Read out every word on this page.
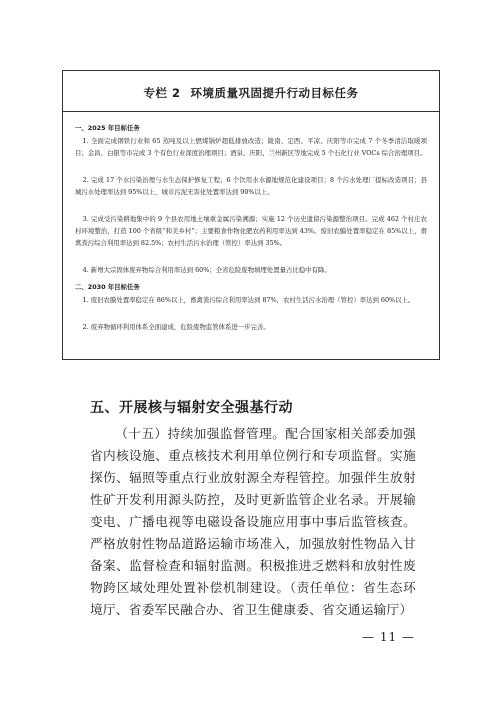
专栏 2 环境质量巩固提升行动目标任务
一、2025 年目标任务
1. 全面完成钢铁行业和 65 蒸吨及以上燃煤锅炉超低排放改造；陇南、定西、平凉、庆阳等市完成 7 个冬季清洁取暖项目；金昌、白银等市完成 3 个有色行业深度治理项目；酒泉、庆阳、兰州新区等地完成 5 个石化行业 VOCs 综合治理项目。
2. 完成 17 个水污染治理与水生态保护修复工程；6 个饮用水水源地规范化建设项目；8 个污水处理厂提标改造项目；县城污水处理率达到 95%以上，城市污泥无害化处置率达到 90%以上。
3. 完成受污染耕地集中的 9 个县农用地土壤重金属污染溯源；实施 12 个历史遗留污染源整治项目。完成 462 个村庄农村环境整治，打造 100 个省级“和美乡村”；主要粮食作物化肥农药利用率达到 43%。废旧农膜处置率稳定在 85%以上，畜禽粪污综合利用率达到 82.5%；农村生活污水治理（管控）率达到 35%。
4. 新增大宗固体废弃物综合利用率达到 60%；全省危险废物填埋处置量占比稳中有降。
二、2030 年目标任务
1. 废旧农膜处置率稳定在 86%以上，畜禽粪污综合利用率达到 87%，农村生活污水治理（管控）率达到 60%以上。
2. 废弃物循环利用体系全面建成，危险废物监管体系进一步完善。
五、开展核与辐射安全强基行动
（十五）持续加强监督管理。配合国家相关部委加强省内核设施、重点核技术利用单位例行和专项监督。实施探伤、辐照等重点行业放射源全寿程管控。加强伴生放射性矿开发利用源头防控，及时更新监管企业名录。开展输变电、广播电视等电磁设备设施应用事中事后监管核查。严格放射性物品道路运输市场准入，加强放射性物品入甘备案、监督检查和辐射监测。积极推进乏燃料和放射性废物跨区域处理处置补偿机制建设。（责任单位：省生态环境厅、省委军民融合办、省卫生健康委、省交通运输厅）
— 11 —
